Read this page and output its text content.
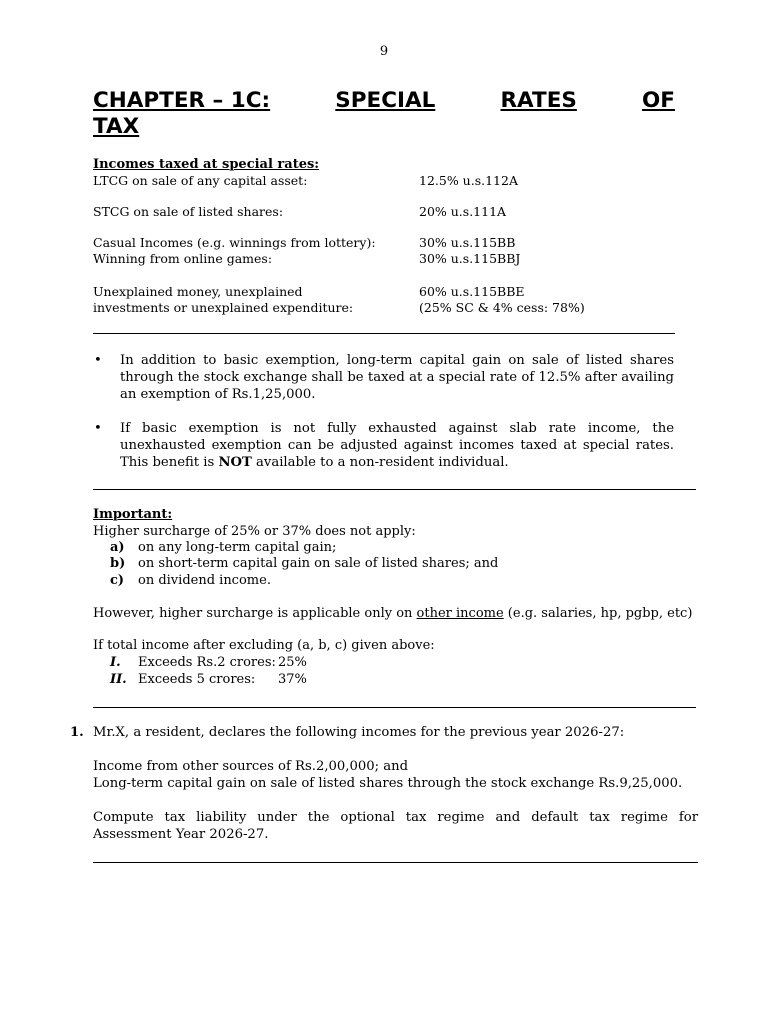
9
CHAPTER – 1C:	SPECIAL	RATES	OF
TAX
Incomes taxed at special rates:
LTCG on sale of any capital asset:	12.5% u.s.112A
STCG on sale of listed shares:	20% u.s.111A
Casual Incomes (e.g. winnings from lottery):	30% u.s.115BB
Winning from online games:	30% u.s.115BBJ
Unexplained money, unexplained	60% u.s.115BBE
investments or unexplained expenditure:	(25% SC & 4% cess: 78%)
• In addition to basic exemption, long-term capital gain on sale of listed shares through the stock exchange shall be taxed at a special rate of 12.5% after availing an exemption of Rs.1,25,000.
• If basic exemption is not fully exhausted against slab rate income, the unexhausted exemption can be adjusted against incomes taxed at special rates. This benefit is NOT available to a non-resident individual.
Important:
Higher surcharge of 25% or 37% does not apply:
a) on any long-term capital gain;
b) on short-term capital gain on sale of listed shares; and
c) on dividend income.
However, higher surcharge is applicable only on other income (e.g. salaries, hp, pgbp, etc)
If total income after excluding (a, b, c) given above:
I. Exceeds Rs.2 crores: 25%
II. Exceeds 5 crores: 37%
1. Mr.X, a resident, declares the following incomes for the previous year 2026-27:
Income from other sources of Rs.2,00,000; and
Long-term capital gain on sale of listed shares through the stock exchange Rs.9,25,000.
Compute tax liability under the optional tax regime and default tax regime for Assessment Year 2026-27.
